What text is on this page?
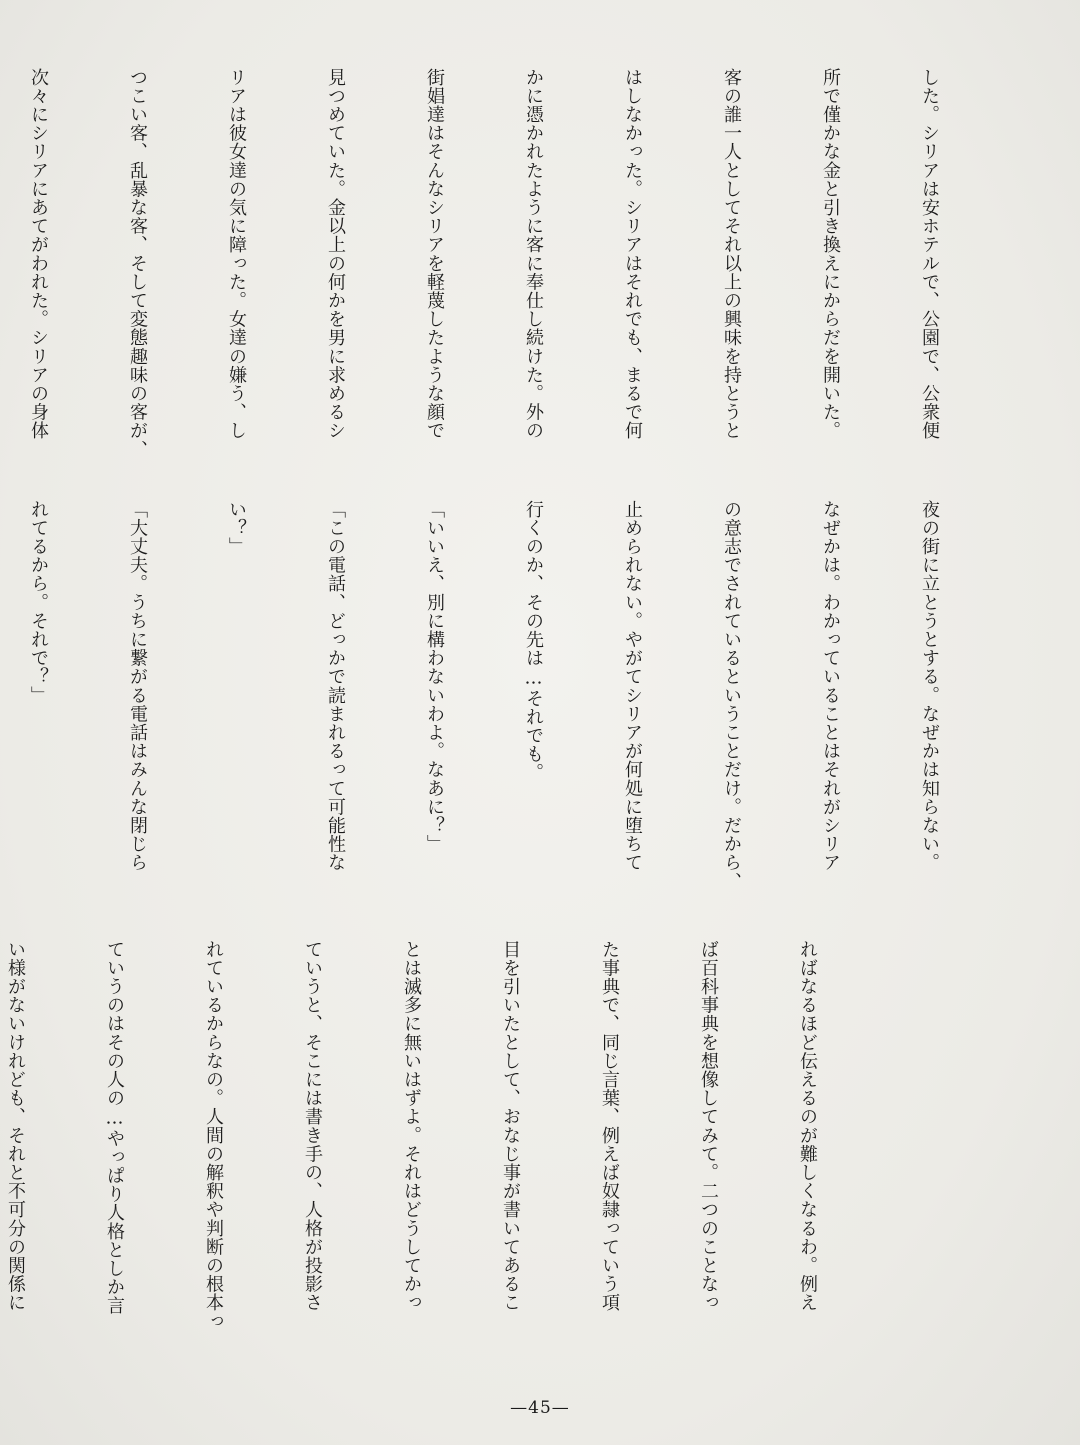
した。シリアは安ホテルで、公園で、公衆便

所で僅かな金と引き換えにからだを開いた。

客の誰一人としてそれ以上の興味を持とうと

はしなかった。シリアはそれでも、まるで何

かに憑かれたように客に奉仕し続けた。外の

街娼達はそんなシリアを軽蔑したような顔で

見つめていた。金以上の何かを男に求めるシ

リアは彼女達の気に障った。女達の嫌う、し

つこい客、乱暴な客、そして変態趣味の客が、

次々にシリアにあてがわれた。シリアの身体

夜の街に立とうとする。なぜかは知らない。

なぜかは。わかっていることはそれがシリア

の意志でされているということだけ。だから、

止められない。やがてシリアが何処に堕ちて

行くのか、その先は…それでも。

「いいえ、別に構わないわよ。なあに？」

「この電話、どっかで読まれるって可能性な

い？」

「大丈夫。うちに繋がる電話はみんな閉じら

れてるから。それで？」

ればなるほど伝えるのが難しくなるわ。例え

ば百科事典を想像してみて。二つのことなっ

た事典で、同じ言葉、例えば奴隷っていう項

目を引いたとして、おなじ事が書いてあるこ

とは滅多に無いはずよ。それはどうしてかっ

ていうと、そこには書き手の、人格が投影さ

れているからなの。人間の解釈や判断の根本っ

ていうのはその人の…やっぱり人格としか言

い様がないけれども、それと不可分の関係に

—45—
